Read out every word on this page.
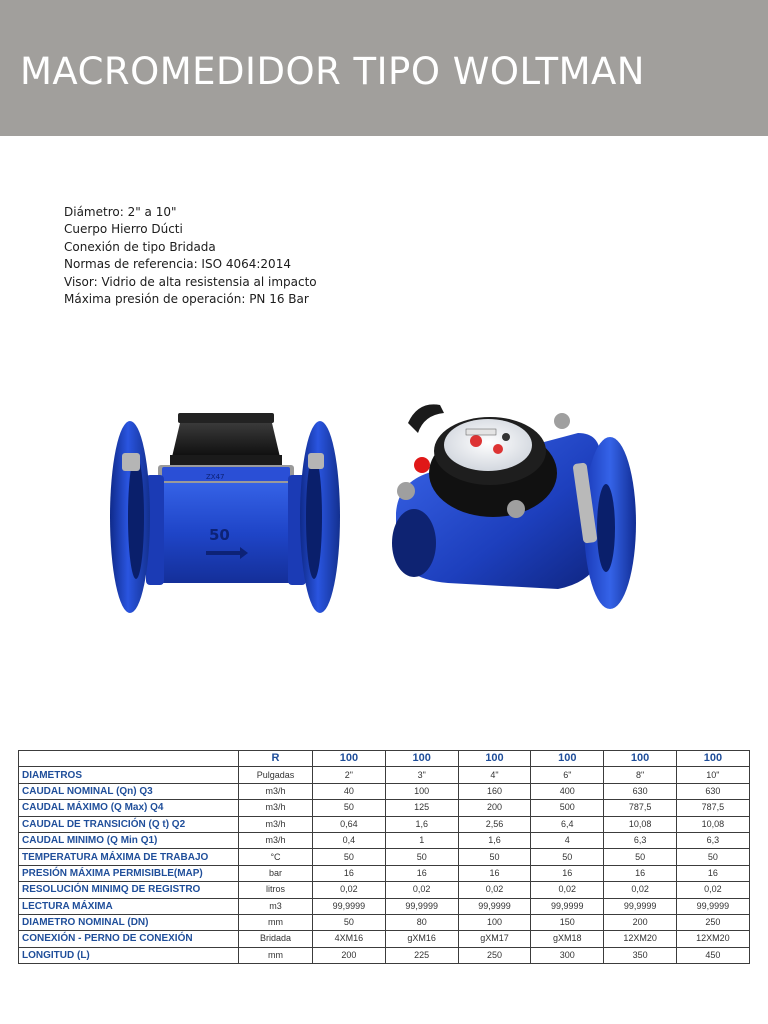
MACROMEDIDOR TIPO WOLTMAN
Diámetro: 2" a 10"
Cuerpo Hierro Dúcti
Conexión de tipo Bridada
Normas de referencia: ISO 4064:2014
Visor: Vidrio de alta resistensia al impacto
Máxima presión de operación: PN 16 Bar
ZX47
50
	R	100	100	100	100	100	100
DIAMETROS	Pulgadas	2"	3"	4"	6"	8"	10"
CAUDAL NOMINAL (Qn) Q3	m3/h	40	100	160	400	630	630
CAUDAL MÁXIMO (Q Max) Q4	m3/h	50	125	200	500	787,5	787,5
CAUDAL DE TRANSICIÓN (Q t) Q2	m3/h	0,64	1,6	2,56	6,4	10,08	10,08
CAUDAL MINIMO (Q Min Q1)	m3/h	0,4	1	1,6	4	6,3	6,3
TEMPERATURA MÁXIMA DE TRABAJO	°C	50	50	50	50	50	50
PRESIÓN MÁXIMA PERMISIBLE(MAP)	bar	16	16	16	16	16	16
RESOLUCIÓN MINIMQ DE REGISTRO	litros	0,02	0,02	0,02	0,02	0,02	0,02
LECTURA MÁXIMA	m3	99,9999	99,9999	99,9999	99,9999	99,9999	99,9999
DIAMETRO NOMINAL (DN)	mm	50	80	100	150	200	250
CONEXIÓN - PERNO DE CONEXIÓN	Bridada	4XM16	gXM16	gXM17	gXM18	12XM20	12XM20
LONGITUD (L)	mm	200	225	250	300	350	450
